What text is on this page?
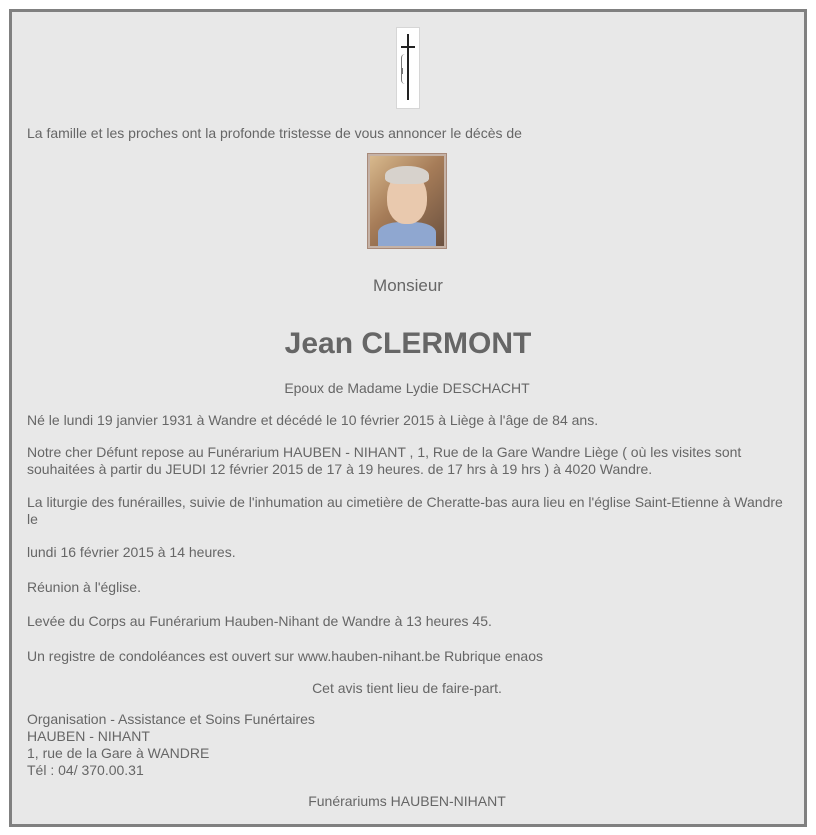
La famille et les proches ont la profonde tristesse de vous annoncer le décès de

Monsieur

Jean CLERMONT

Epoux de Madame Lydie DESCHACHT

Né le lundi 19 janvier 1931 à Wandre et décédé le 10 février 2015 à Liège à l'âge de 84 ans.

Notre cher Défunt repose au Funérarium HAUBEN - NIHANT , 1, Rue de la Gare Wandre Liège ( où les visites sont souhaitées à partir du JEUDI 12 février 2015 de 17 à 19 heures. de 17 hrs à 19 hrs ) à 4020 Wandre.

La liturgie des funérailles, suivie de l'inhumation au cimetière de Cheratte-bas aura lieu en l'église Saint-Etienne à Wandre le

lundi 16 février 2015 à 14 heures.

Réunion à l'église.

Levée du Corps au Funérarium Hauben-Nihant de Wandre à 13 heures 45.

Un registre de condoléances est ouvert sur www.hauben-nihant.be Rubrique enaos

Cet avis tient lieu de faire-part.

Organisation - Assistance et Soins Funértaires
HAUBEN - NIHANT
1, rue de la Gare à WANDRE
Tél : 04/ 370.00.31

Funérariums HAUBEN-NIHANT
